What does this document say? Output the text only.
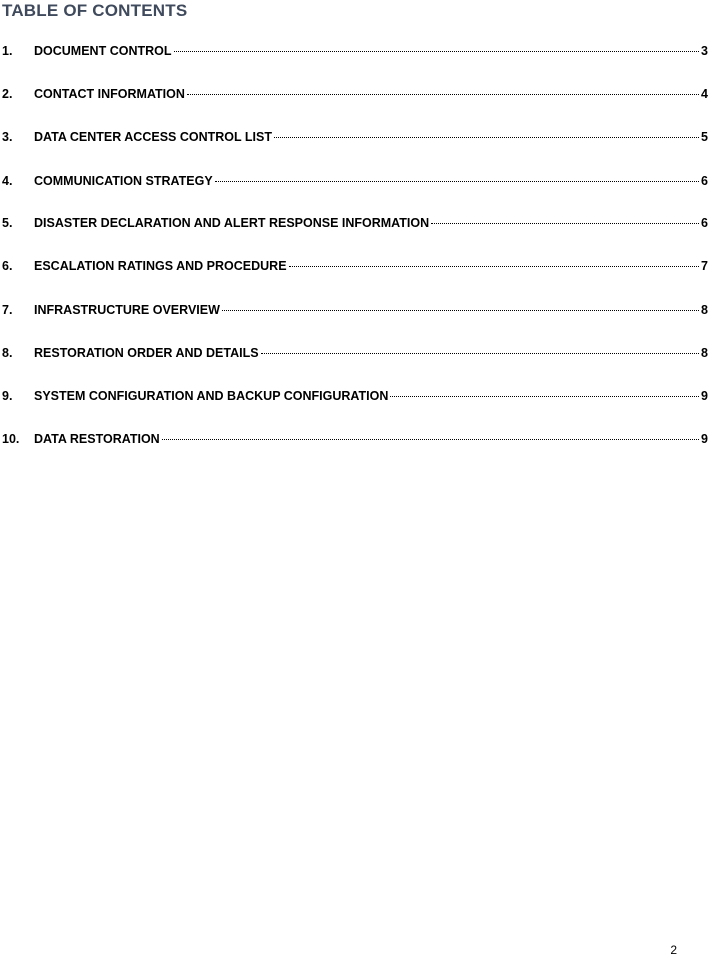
TABLE OF CONTENTS
1.	DOCUMENT CONTROL	3
2.	CONTACT INFORMATION	4
3.	DATA CENTER ACCESS CONTROL LIST	5
4.	COMMUNICATION STRATEGY	6
5.	DISASTER DECLARATION AND ALERT RESPONSE INFORMATION	6
6.	ESCALATION RATINGS AND PROCEDURE	7
7.	INFRASTRUCTURE OVERVIEW	8
8.	RESTORATION ORDER AND DETAILS	8
9.	SYSTEM CONFIGURATION AND BACKUP CONFIGURATION	9
10.	DATA RESTORATION	9
2
